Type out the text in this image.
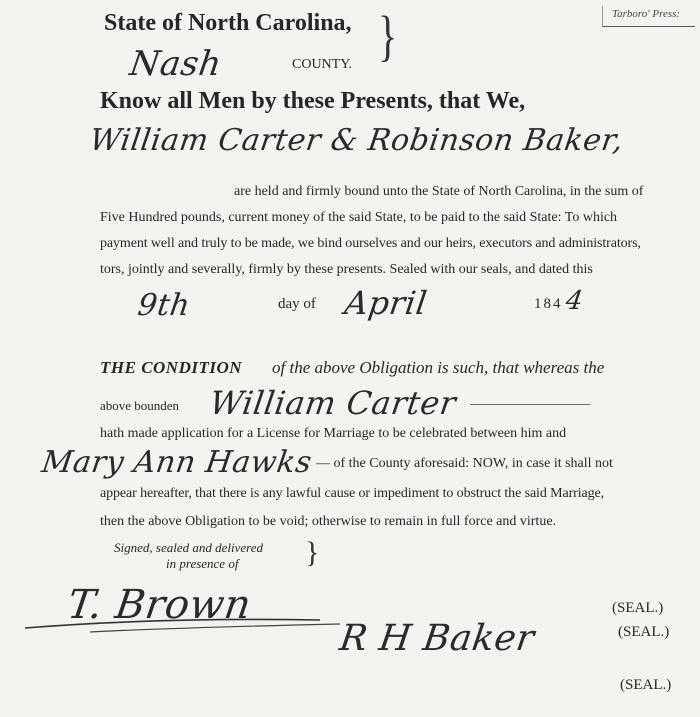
State of North Carolina, }	Tarboro' Press:
Nash	COUNTY.
Know all Men by these Presents, that We,
William Carter & Robinson Baker,
are held and firmly bound unto the State of North Carolina, in the sum of
Five Hundred pounds, current money of the said State, to be paid to the said State: To which
payment well and truly to be made, we bind ourselves and our heirs, executors and administrators,
tors, jointly and severally, firmly by these presents. Sealed with our seals, and dated this
9th	day of April	184 4
THE CONDITION of the above Obligation is such, that whereas the
above bounden William Carter
hath made application for a License for Marriage to be celebrated between him and
Mary Ann Hawks — of the County aforesaid: NOW, in case it shall not
appear hereafter, that there is any lawful cause or impediment to obstruct the said Marriage,
then the above Obligation to be void; otherwise to remain in full force and virtue.
Signed, sealed and delivered
in presence of }
T. Brown
R H Baker
(SEAL.)
(SEAL.)
(SEAL.)
